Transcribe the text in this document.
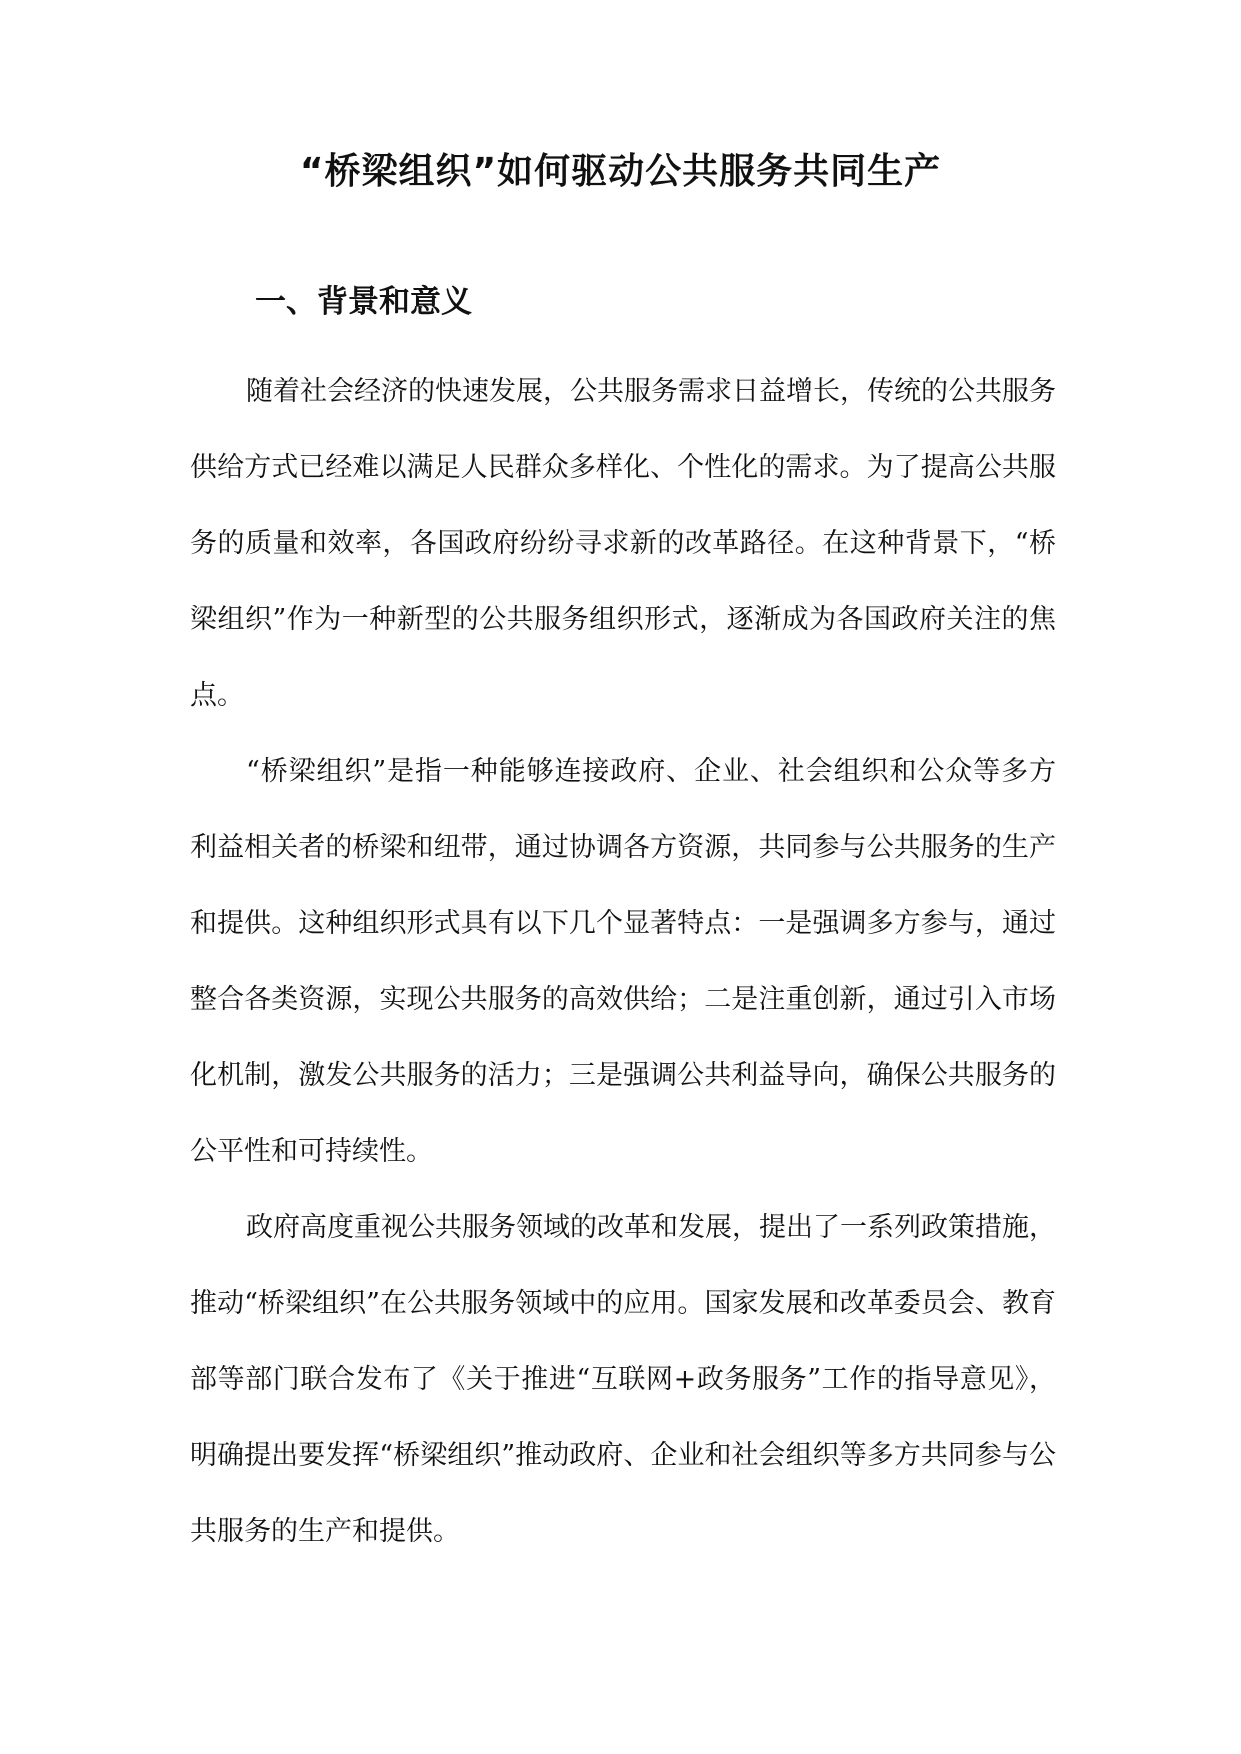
“桥梁组织”如何驱动公共服务共同生产
一、背景和意义

随着社会经济的快速发展，公共服务需求日益增长，传统的公共服务供给方式已经难以满足人民群众多样化、个性化的需求。为了提高公共服务的质量和效率，各国政府纷纷寻求新的改革路径。在这种背景下，“桥梁组织”作为一种新型的公共服务组织形式，逐渐成为各国政府关注的焦点。

“桥梁组织”是指一种能够连接政府、企业、社会组织和公众等多方利益相关者的桥梁和纽带，通过协调各方资源，共同参与公共服务的生产和提供。这种组织形式具有以下几个显著特点：一是强调多方参与，通过整合各类资源，实现公共服务的高效供给；二是注重创新，通过引入市场化机制，激发公共服务的活力；三是强调公共利益导向，确保公共服务的公平性和可持续性。

政府高度重视公共服务领域的改革和发展，提出了一系列政策措施，推动“桥梁组织”在公共服务领域中的应用。国家发展和改革委员会、教育部等部门联合发布了《关于推进“互联网+政务服务”工作的指导意见》，明确提出要发挥“桥梁组织”推动政府、企业和社会组织等多方共同参与公共服务的生产和提供。
